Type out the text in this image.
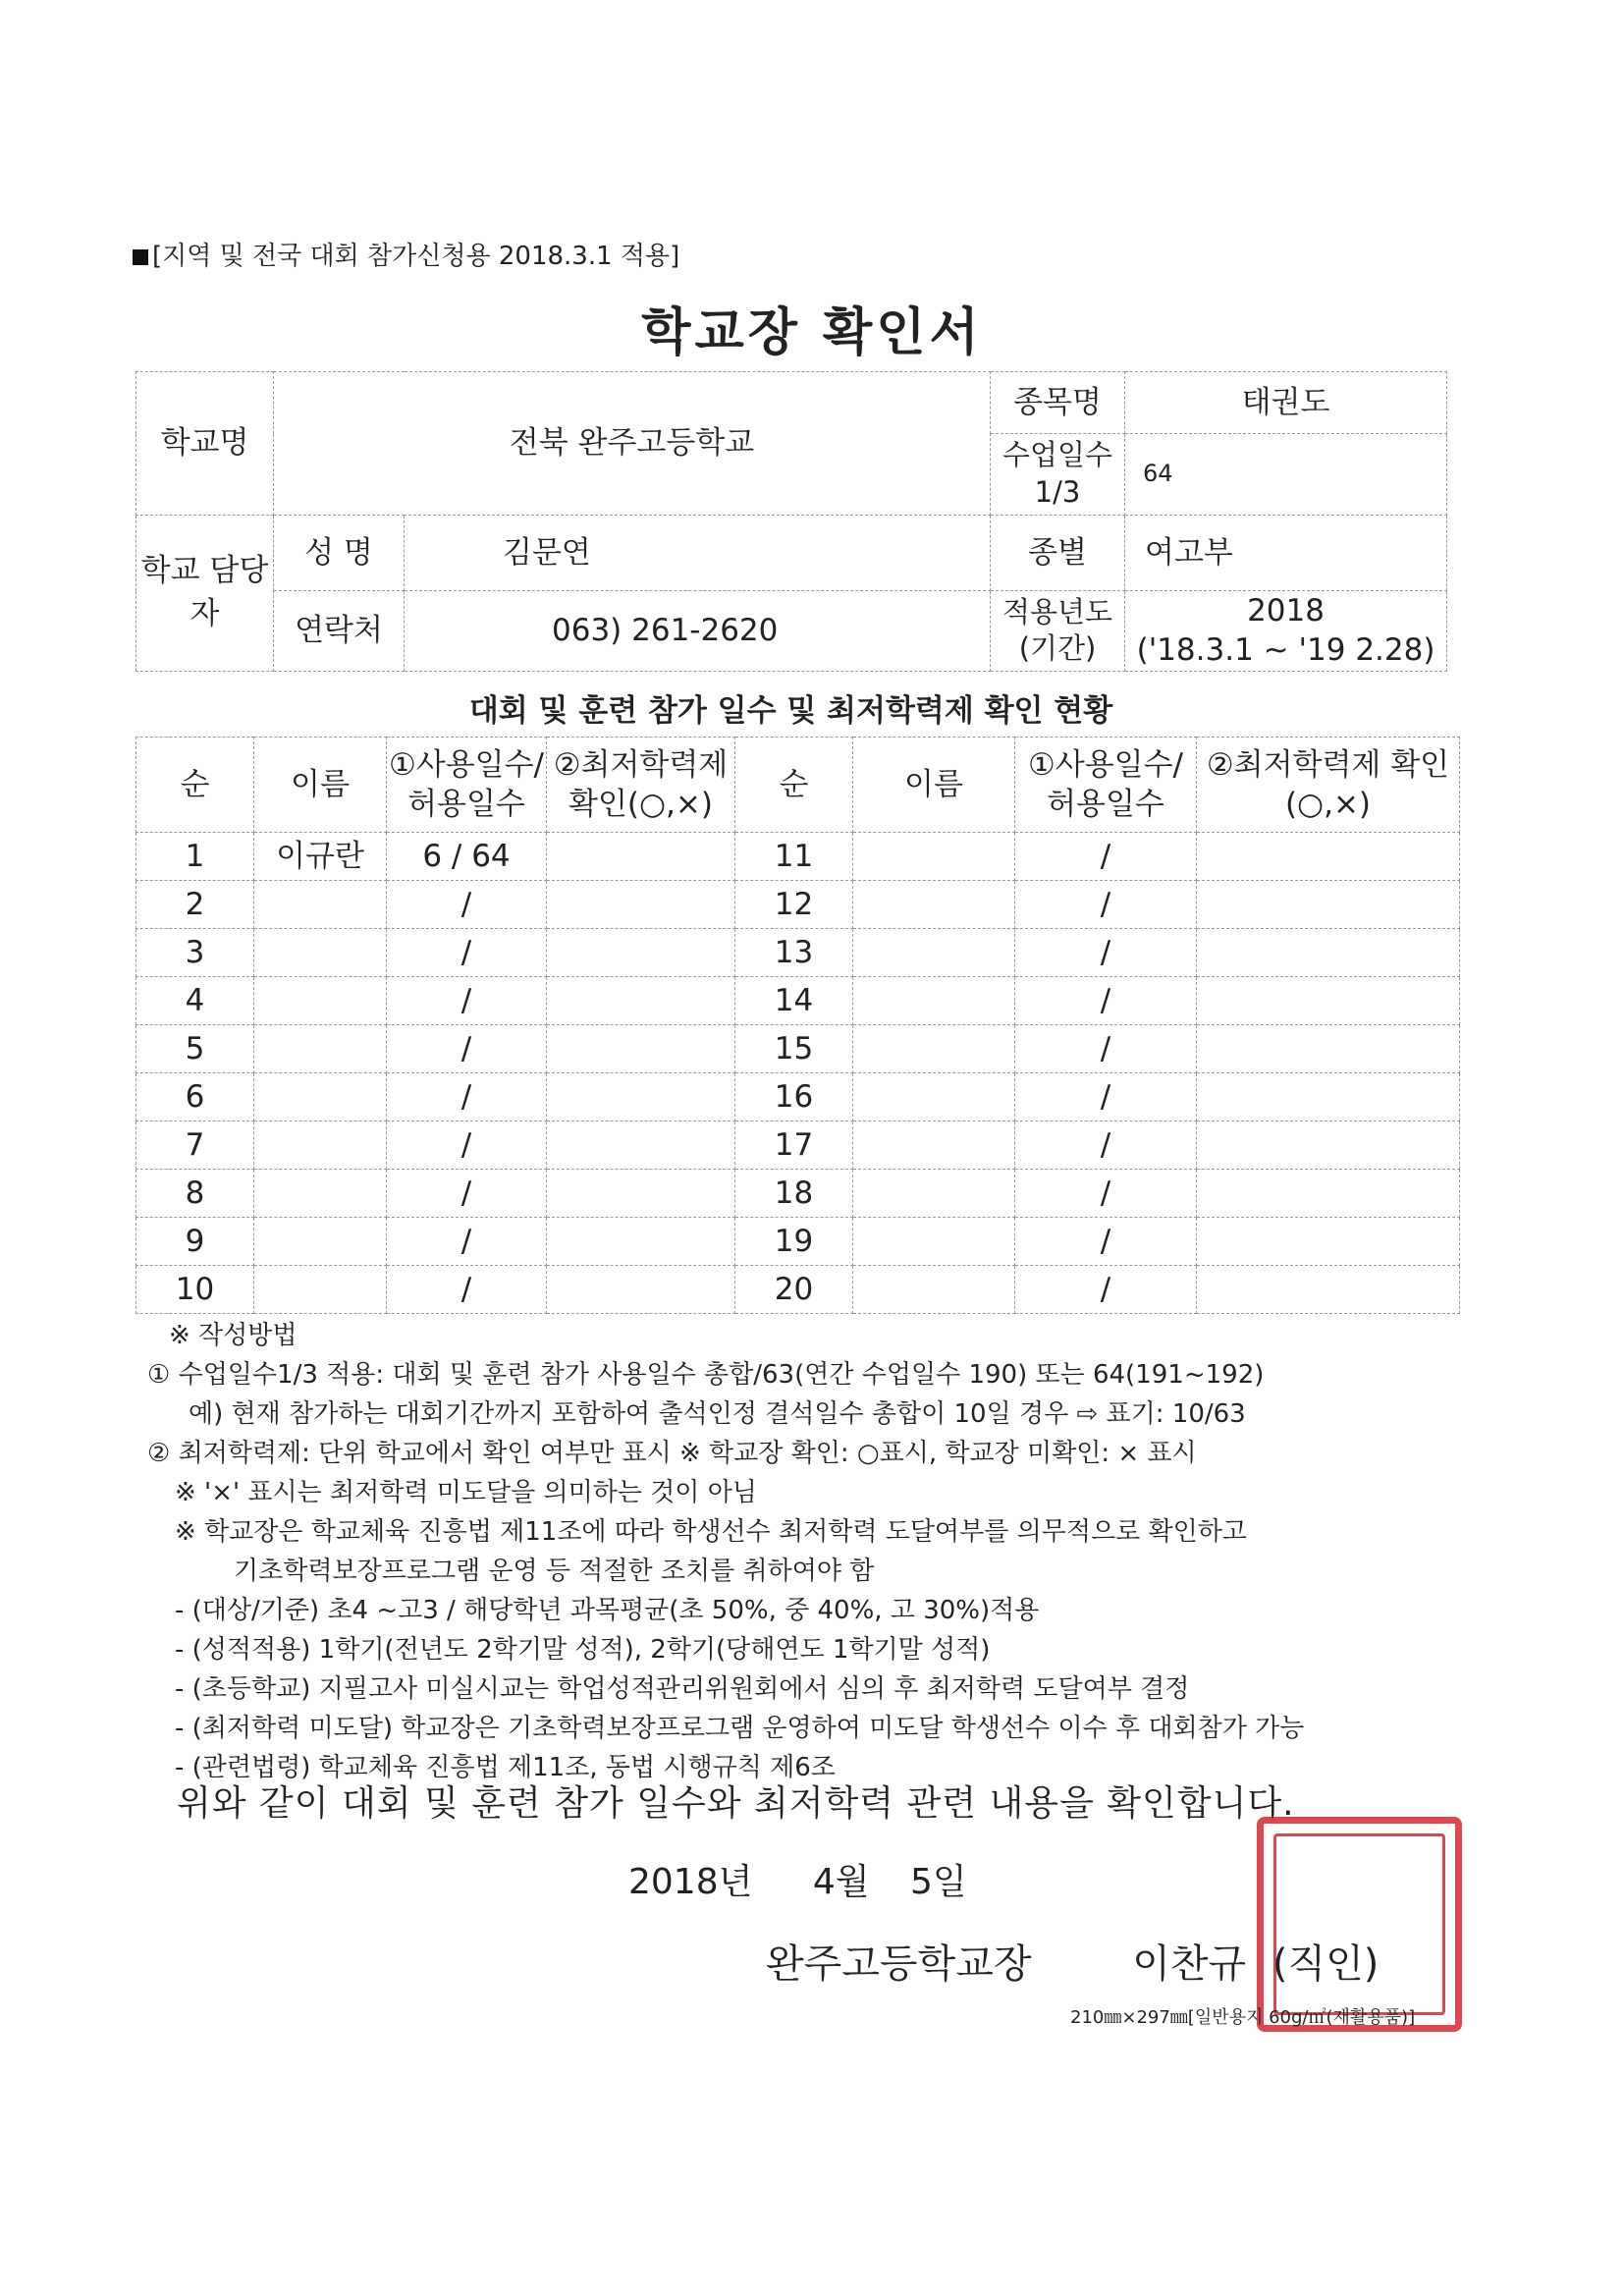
[지역 및 전국 대회 참가신청용 2018.3.1 적용]
학교장 확인서
학교명	전북 완주고등학교		종목명	태권도
			수업일수 1/3	64
학교 담당자	성 명	김문연	종별	여고부
	연락처	063) 261-2620	적용년도 (기간)	2018
('18.3.1 ~ '19 2.28)
대회 및 훈련 참가 일수 및 최저학력제 확인 현황
순	이름	①사용일수/ 허용일수	②최저학력제 확인(○,×)	순	이름	①사용일수/ 허용일수	②최저학력제 확인(○,×)
1	이규란	6 / 64		11		/	
2		/		12		/	
3		/		13		/	
4		/		14		/	
5		/		15		/	
6		/		16		/	
7		/		17		/	
8		/		18		/	
9		/		19		/	
10		/		20		/	
※ 작성방법
① 수업일수1/3 적용: 대회 및 훈련 참가 사용일수 총합/63(연간 수업일수 190) 또는 64(191~192)
예) 현재 참가하는 대회기간까지 포함하여 출석인정 결석일수 총합이 10일 경우 ⇨ 표기: 10/63
② 최저학력제: 단위 학교에서 확인 여부만 표시 ※ 학교장 확인: ○표시, 학교장 미확인: × 표시
※ '×' 표시는 최저학력 미도달을 의미하는 것이 아님
※ 학교장은 학교체육 진흥법 제11조에 따라 학생선수 최저학력 도달여부를 의무적으로 확인하고
기초학력보장프로그램 운영 등 적절한 조치를 취하여야 함
- (대상/기준) 초4 ~고3 / 해당학년 과목평균(초 50%, 중 40%, 고 30%)적용
- (성적적용) 1학기(전년도 2학기말 성적), 2학기(당해연도 1학기말 성적)
- (초등학교) 지필고사 미실시교는 학업성적관리위원회에서 심의 후 최저학력 도달여부 결정
- (최저학력 미도달) 학교장은 기초학력보장프로그램 운영하여 미도달 학생선수 이수 후 대회참가 가능
- (관련법령) 학교체육 진흥법 제11조, 동법 시행규칙 제6조
위와 같이 대회 및 훈련 참가 일수와 최저학력 관련 내용을 확인합니다.
2018년 4월 5일
완주고등학교장	이찬규 (직인)
210㎜×297㎜[일반용지 60g/㎡(재활용품)]
